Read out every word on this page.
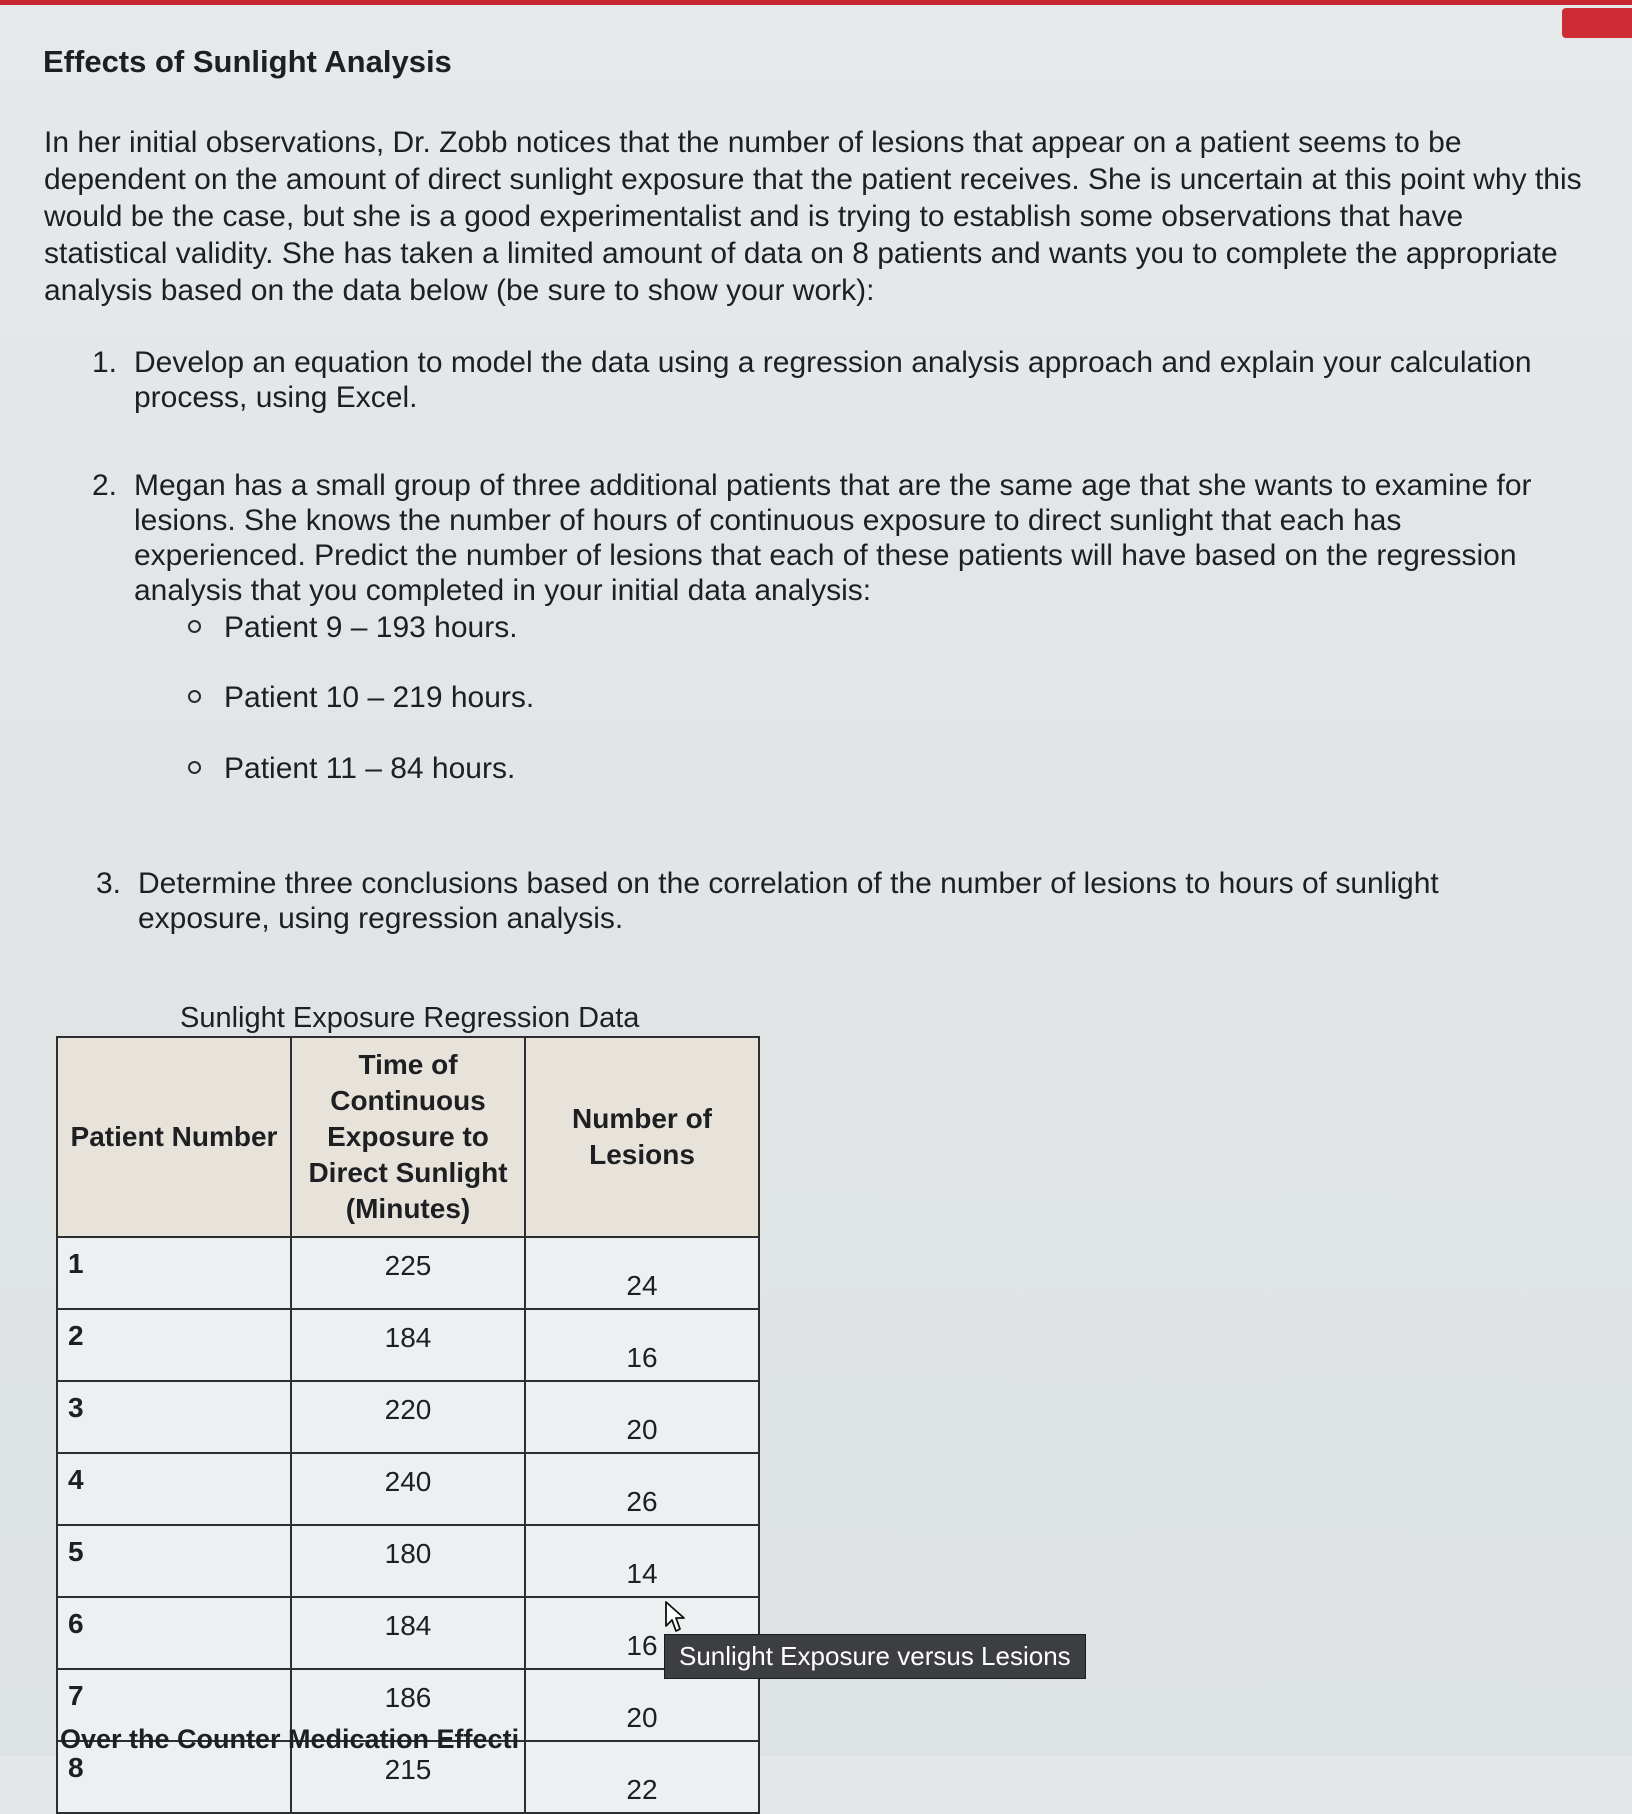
Effects of Sunlight Analysis

In her initial observations, Dr. Zobb notices that the number of lesions that appear on a patient seems to be dependent on the amount of direct sunlight exposure that the patient receives. She is uncertain at this point why this would be the case, but she is a good experimentalist and is trying to establish some observations that have statistical validity. She has taken a limited amount of data on 8 patients and wants you to complete the appropriate analysis based on the data below (be sure to show your work):

1. Develop an equation to model the data using a regression analysis approach and explain your calculation process, using Excel.
2. Megan has a small group of three additional patients that are the same age that she wants to examine for lesions. She knows the number of hours of continuous exposure to direct sunlight that each has experienced. Predict the number of lesions that each of these patients will have based on the regression analysis that you completed in your initial data analysis:
Patient 9 – 193 hours.
Patient 10 – 219 hours.
Patient 11 – 84 hours.
3. Determine three conclusions based on the correlation of the number of lesions to hours of sunlight exposure, using regression analysis.
Sunlight Exposure Regression Data
Patient Number	Time of Continuous Exposure to Direct Sunlight (Minutes)	Number of Lesions
1	225	24
2	184	16
3	220	20
4	240	26
5	180	14
6	184	16
7	186	20
8	215	22
Sunlight Exposure versus Lesions
Over the Counter Medication Effecti
